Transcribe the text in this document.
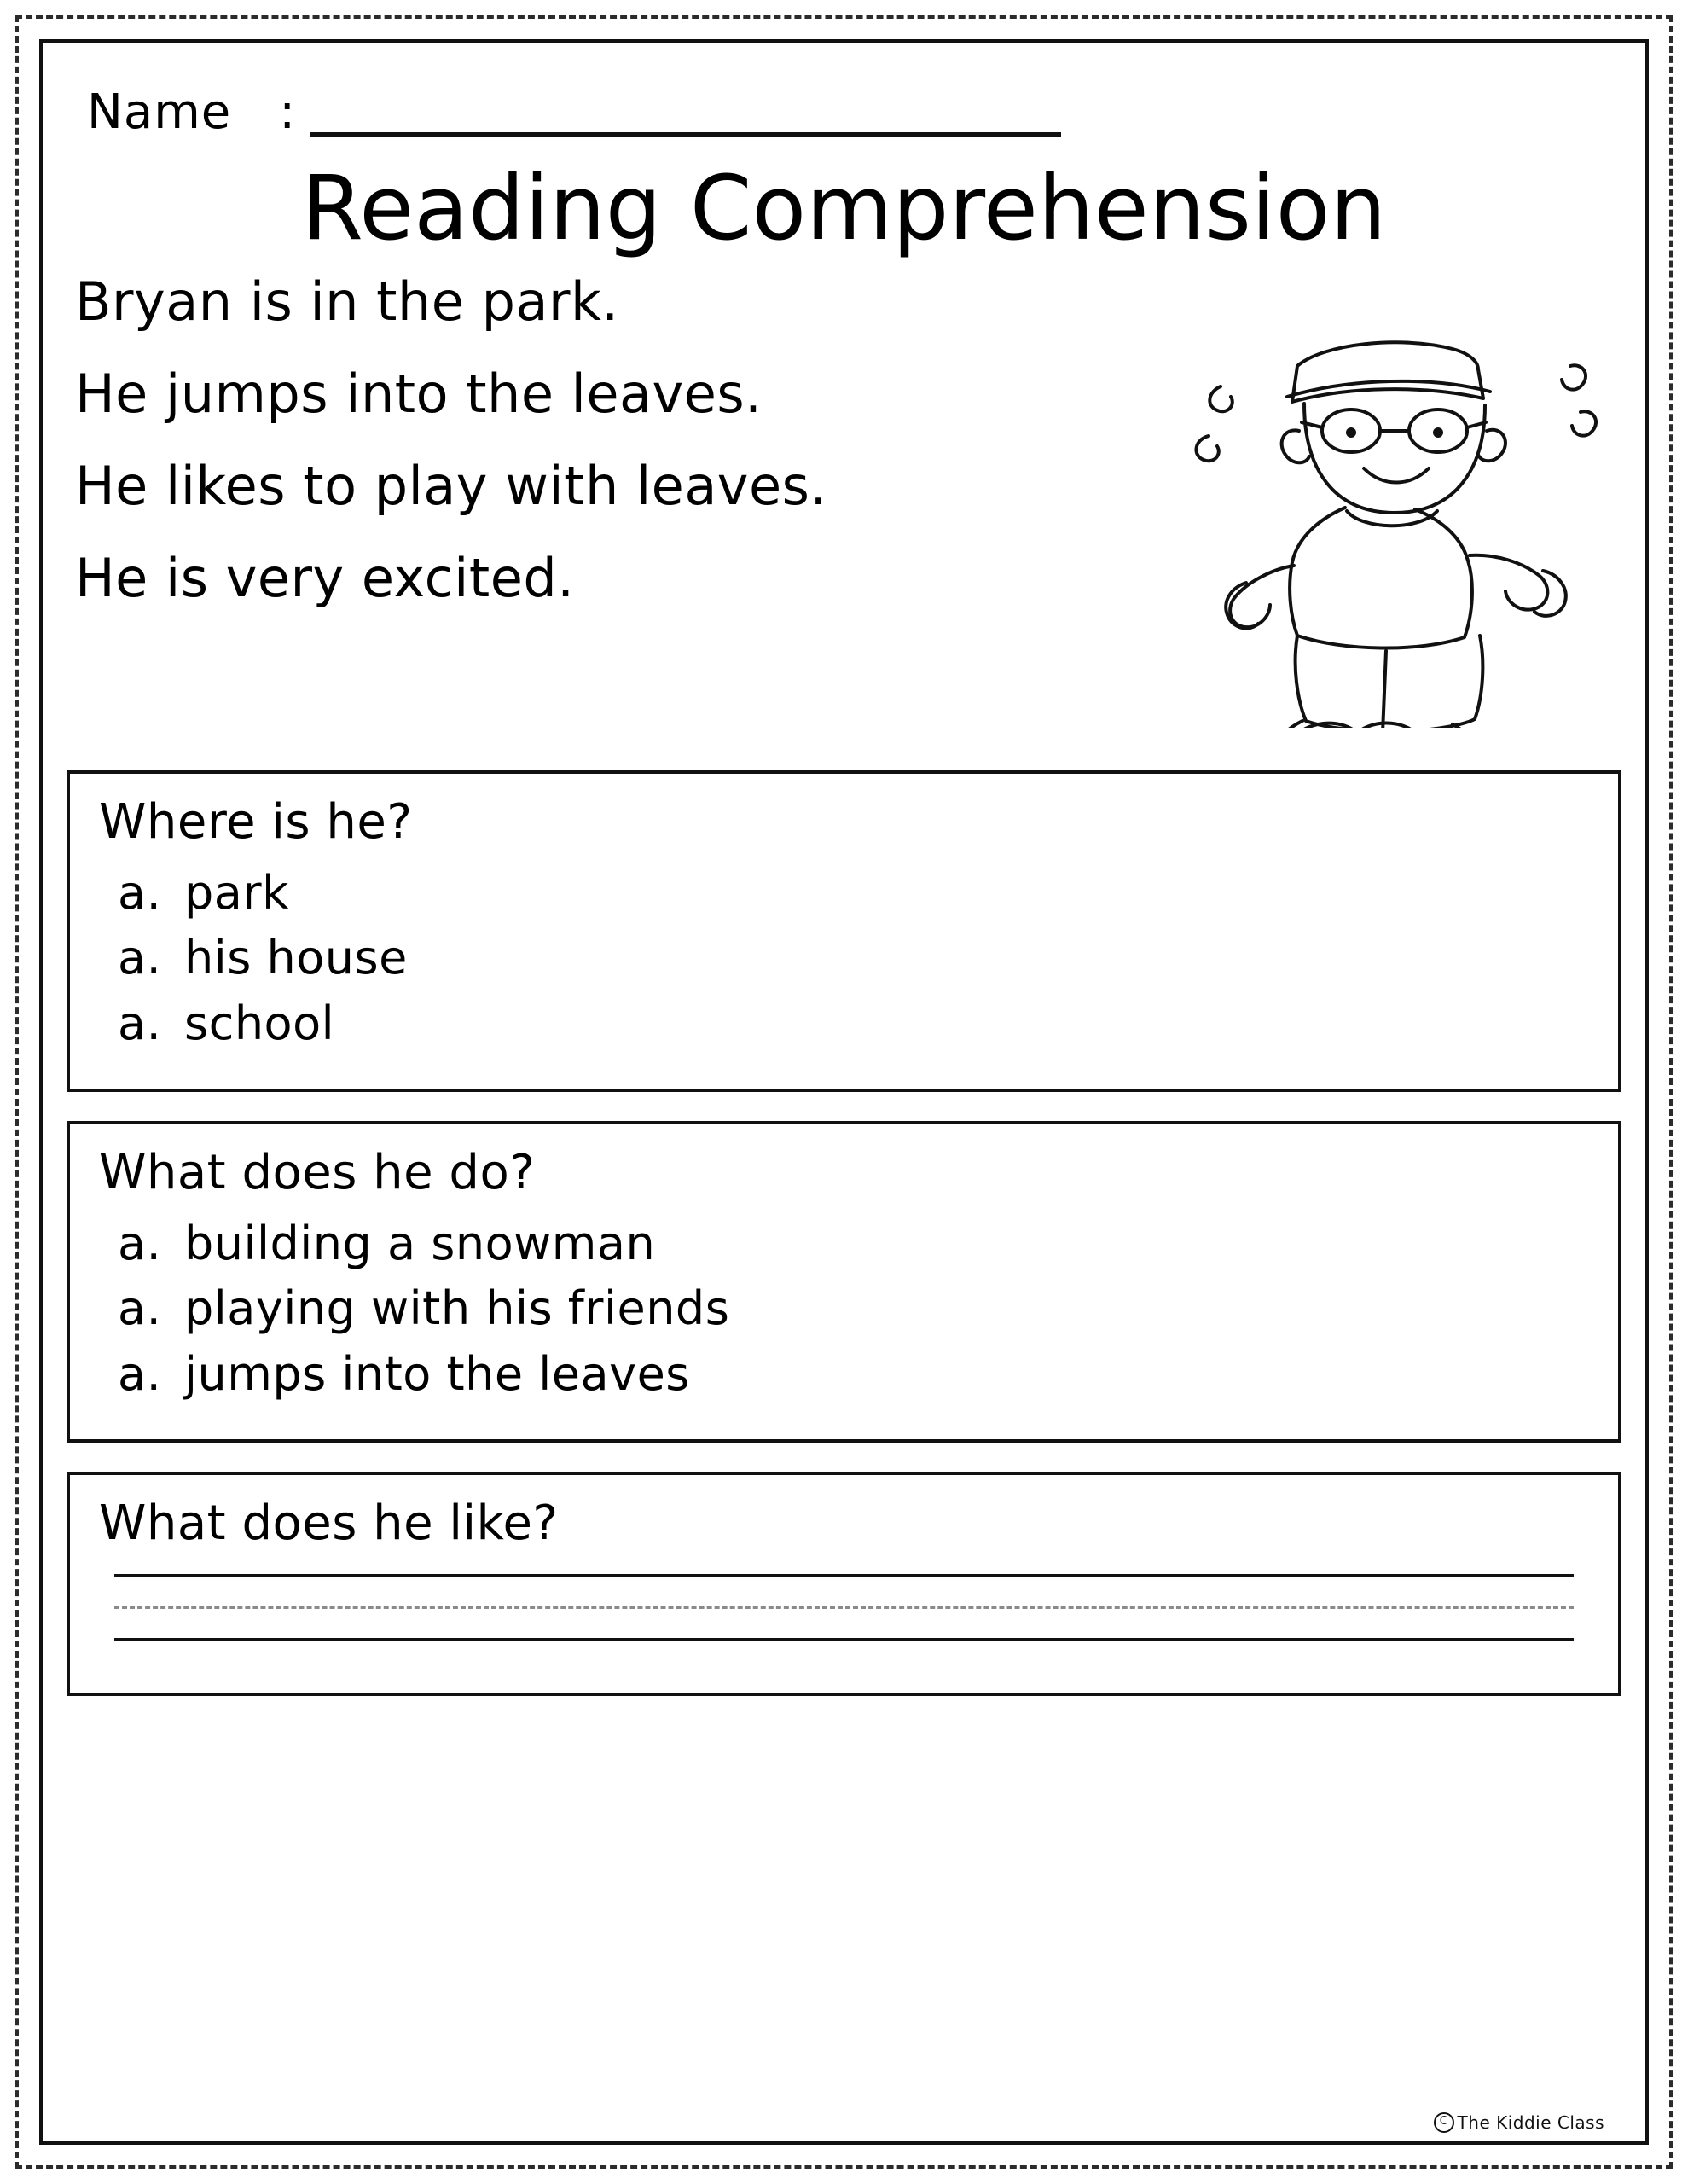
Name :
Reading Comprehension

Bryan is in the park.

He jumps into the leaves.

He likes to play with leaves.

He is very excited.

Where is he?

a. park
a. his house
a. school

What does he do?

a. building a snowman
a. playing with his friends
a. jumps into the leaves

What does he like?

C The Kiddie Class
